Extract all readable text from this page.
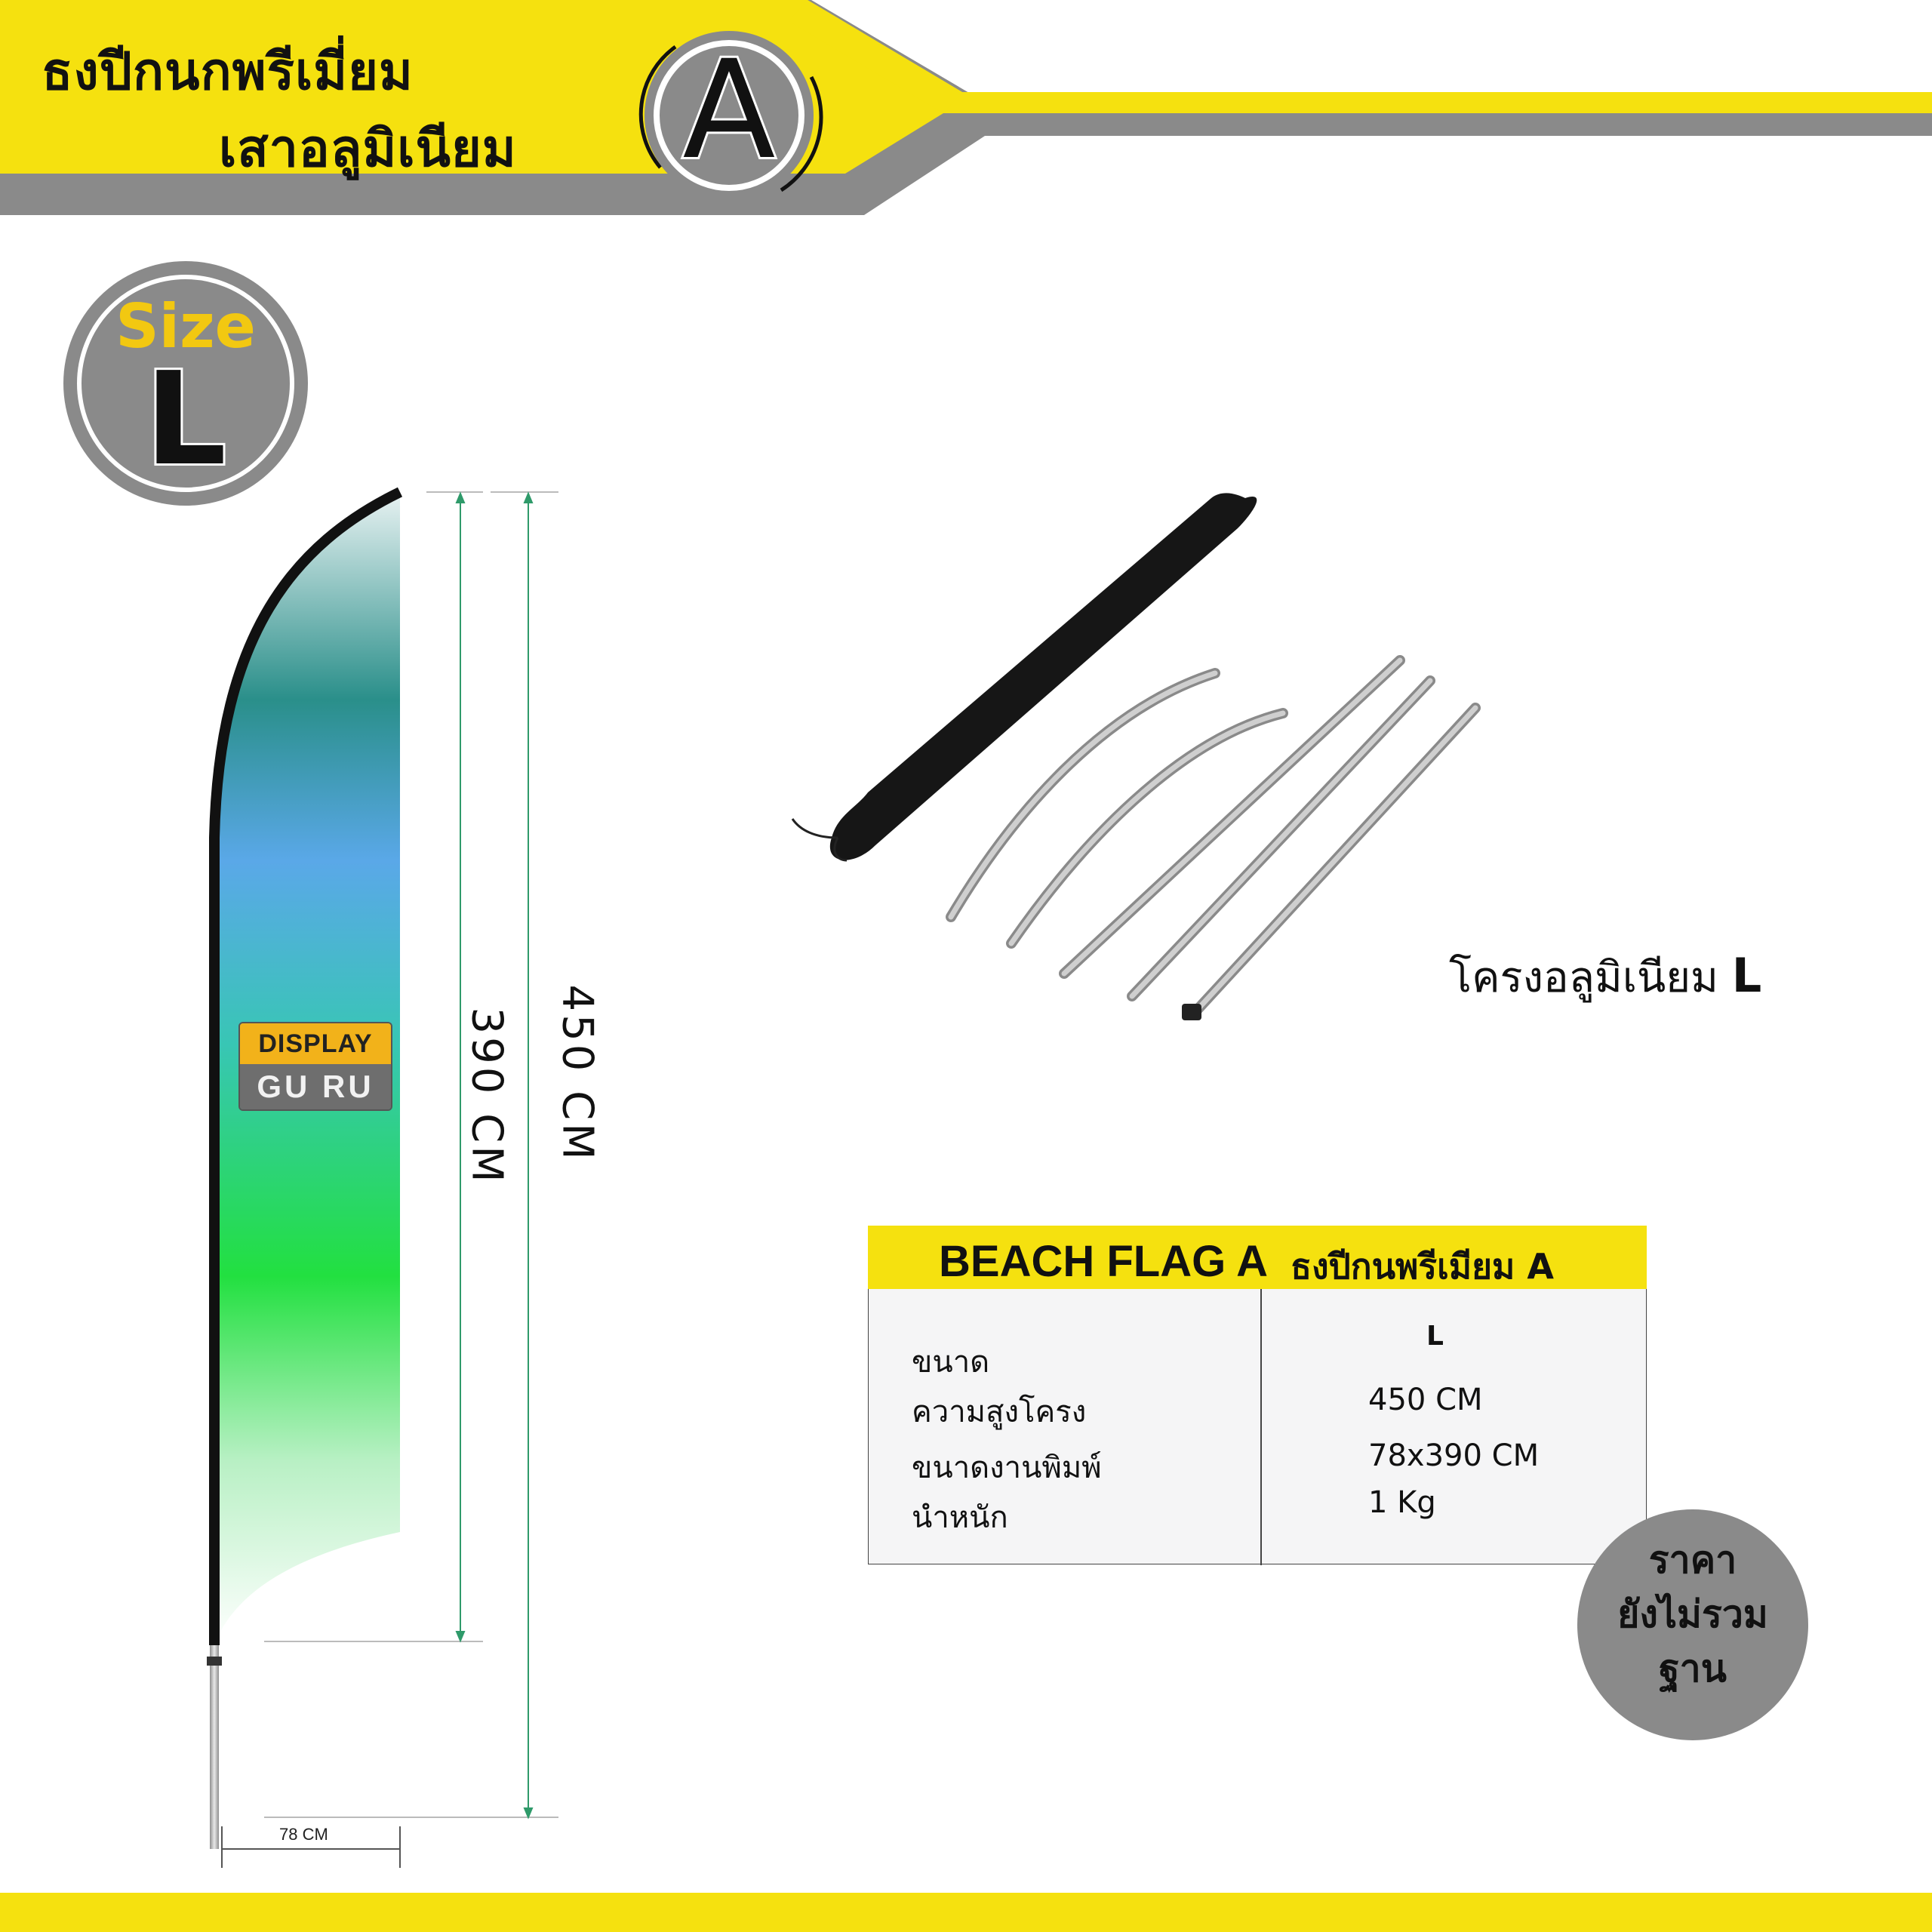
ธงปีกนกพรีเมี่ยม
เสาอลูมิเนียม	A
Size
L
DISPLAY
GU RU	390 CM 450 CM
78 CM
โครงอลูมิเนียม L
BEACH FLAG A ธงปีกนพรีเมียม A
ขนาด
ความสูงโครง
ขนาดงานพิมพ์
นำหนัก
L
450 CM
78x390 CM
1 Kg
ราคา
ยังไม่รวม
ฐาน
